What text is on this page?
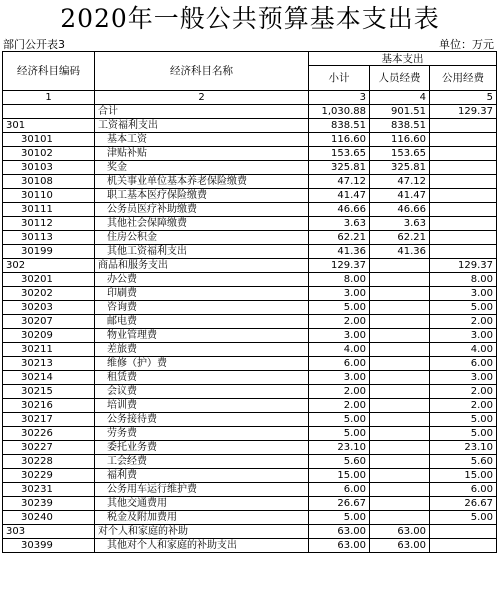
2020年一般公共预算基本支出表
部门公开表3	单位：万元
经济科目编码	经济科目名称	基本支出		
		小计	人员经费	公用经费
1	2	3	4	5
	合计	1,030.88	901.51	129.37
301	工资福利支出	838.51	838.51	
30101	基本工资	116.60	116.60	
30102	津贴补贴	153.65	153.65	
30103	奖金	325.81	325.81	
30108	机关事业单位基本养老保险缴费	47.12	47.12	
30110	职工基本医疗保险缴费	41.47	41.47	
30111	公务员医疗补助缴费	46.66	46.66	
30112	其他社会保障缴费	3.63	3.63	
30113	住房公积金	62.21	62.21	
30199	其他工资福利支出	41.36	41.36	
302	商品和服务支出	129.37		129.37
30201	办公费	8.00		8.00
30202	印刷费	3.00		3.00
30203	咨询费	5.00		5.00
30207	邮电费	2.00		2.00
30209	物业管理费	3.00		3.00
30211	差旅费	4.00		4.00
30213	维修（护）费	6.00		6.00
30214	租赁费	3.00		3.00
30215	会议费	2.00		2.00
30216	培训费	2.00		2.00
30217	公务接待费	5.00		5.00
30226	劳务费	5.00		5.00
30227	委托业务费	23.10		23.10
30228	工会经费	5.60		5.60
30229	福利费	15.00		15.00
30231	公务用车运行维护费	6.00		6.00
30239	其他交通费用	26.67		26.67
30240	税金及附加费用	5.00		5.00
303	对个人和家庭的补助	63.00	63.00	
30399	其他对个人和家庭的补助支出	63.00	63.00	
